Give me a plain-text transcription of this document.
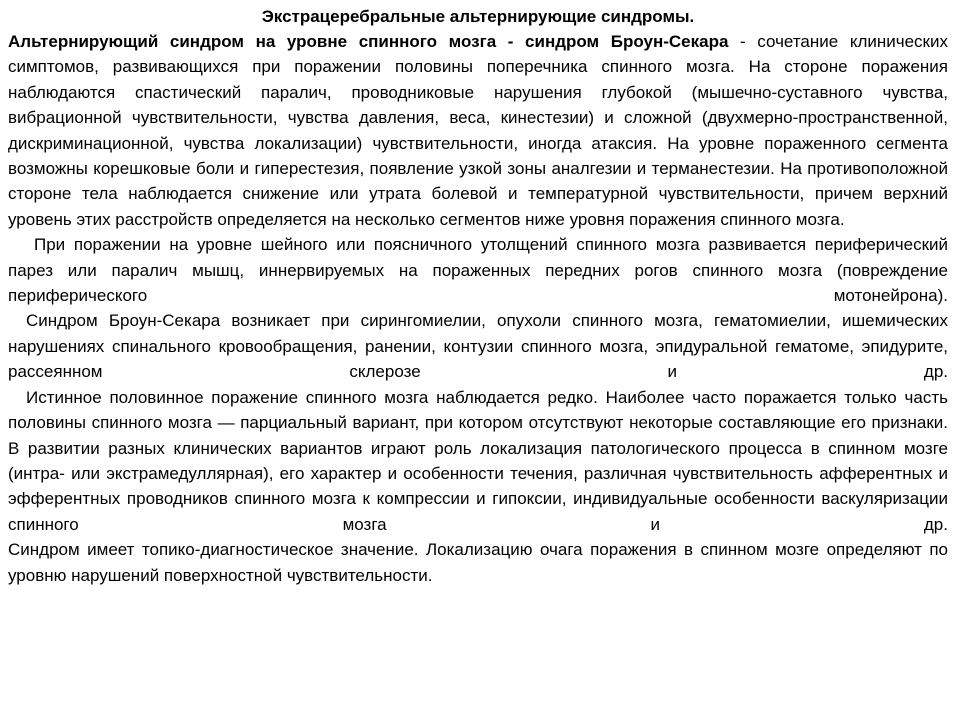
Экстрацеребральные альтернирующие синдромы.

Альтернирующий синдром на уровне спинного мозга - синдром Броун-Секара - сочетание клинических симптомов, развивающихся при поражении половины поперечника спинного мозга. На стороне поражения наблюдаются спастический паралич, проводниковые нарушения глубокой (мышечно-суставного чувства, вибрационной чувствительности, чувства давления, веса, кинестезии) и сложной (двухмерно-пространственной, дискриминационной, чувства локализации) чувствительности, иногда атаксия. На уровне пораженного сегмента возможны корешковые боли и гиперестезия, появление узкой зоны аналгезии и терманестезии. На противоположной стороне тела наблюдается снижение или утрата болевой и температурной чувствительности, причем верхний уровень этих расстройств определяется на несколько сегментов ниже уровня поражения спинного мозга.

При поражении на уровне шейного или поясничного утолщений спинного мозга развивается периферический парез или паралич мышц, иннервируемых на пораженных передних рогов спинного мозга (повреждение периферического мотонейрона).

Синдром Броун-Секара возникает при сирингомиелии, опухоли спинного мозга, гематомиелии, ишемических нарушениях спинального кровообращения, ранении, контузии спинного мозга, эпидуральной гематоме, эпидурите, рассеянном склерозе и др.

Истинное половинное поражение спинного мозга наблюдается редко. Наиболее часто поражается только часть половины спинного мозга — парциальный вариант, при котором отсутствуют некоторые составляющие его признаки. В развитии разных клинических вариантов играют роль локализация патологического процесса в спинном мозге (интра- или экстрамедуллярная), его характер и особенности течения, различная чувствительность афферентных и эфферентных проводников спинного мозга к компрессии и гипоксии, индивидуальные особенности васкуляризации спинного мозга и др.

Синдром имеет топико-диагностическое значение. Локализацию очага поражения в спинном мозге определяют по уровню нарушений поверхностной чувствительности.
